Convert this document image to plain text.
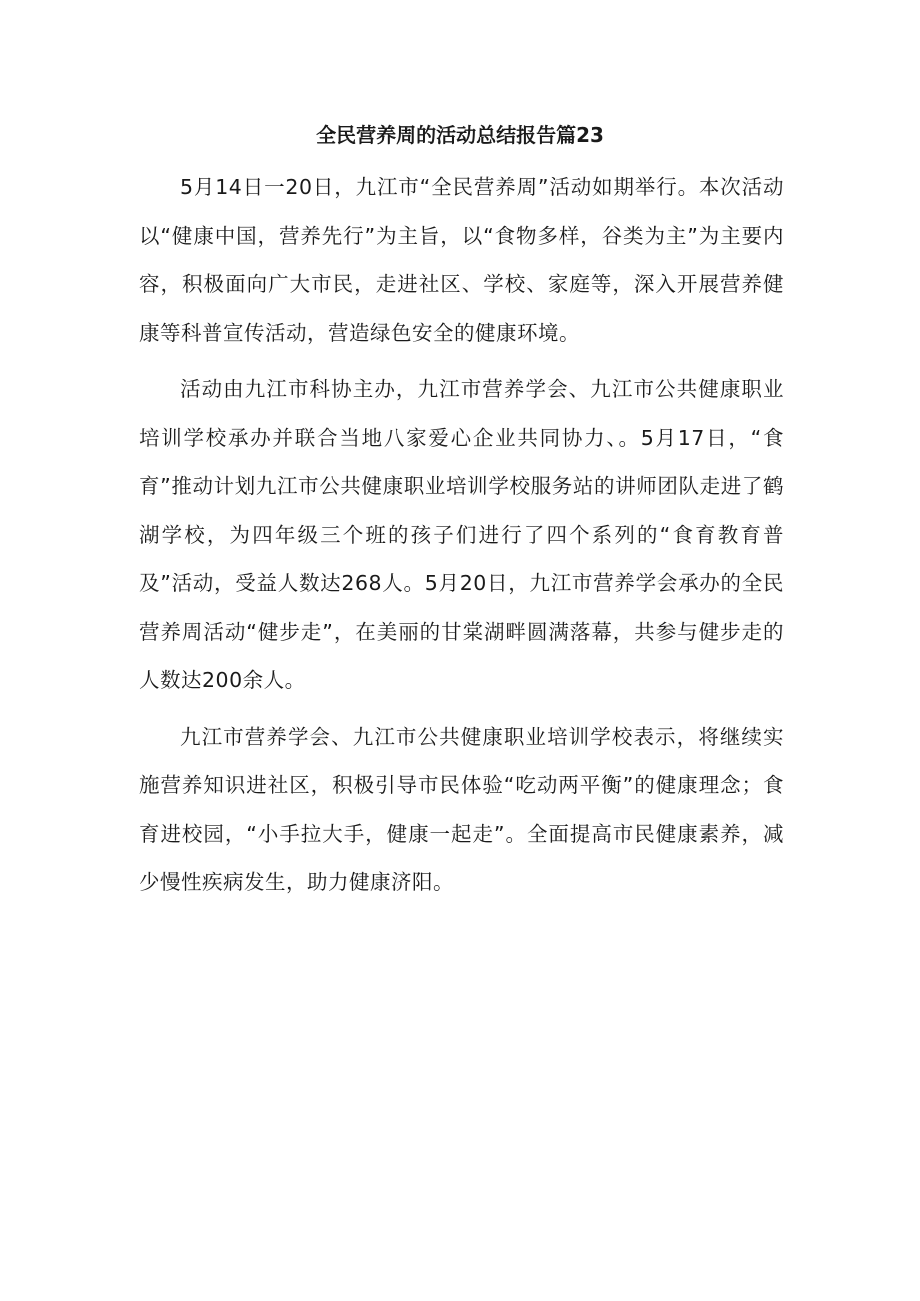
全民营养周的活动总结报告篇23

5月14日一20日，九江市“全民营养周”活动如期举行。本次活动以“健康中国，营养先行”为主旨，以“食物多样，谷类为主”为主要内容，积极面向广大市民，走进社区、学校、家庭等，深入开展营养健康等科普宣传活动，营造绿色安全的健康环境。

活动由九江市科协主办，九江市营养学会、九江市公共健康职业培训学校承办并联合当地八家爱心企业共同协力、。5月17日，“食育”推动计划九江市公共健康职业培训学校服务站的讲师团队走进了鹤湖学校，为四年级三个班的孩子们进行了四个系列的“食育教育普及”活动，受益人数达268人。5月20日，九江市营养学会承办的全民营养周活动“健步走”，在美丽的甘棠湖畔圆满落幕，共参与健步走的人数达200余人。

九江市营养学会、九江市公共健康职业培训学校表示，将继续实施营养知识进社区，积极引导市民体验“吃动两平衡”的健康理念；食育进校园，“小手拉大手，健康一起走”。全面提高市民健康素养，减少慢性疾病发生，助力健康济阳。
